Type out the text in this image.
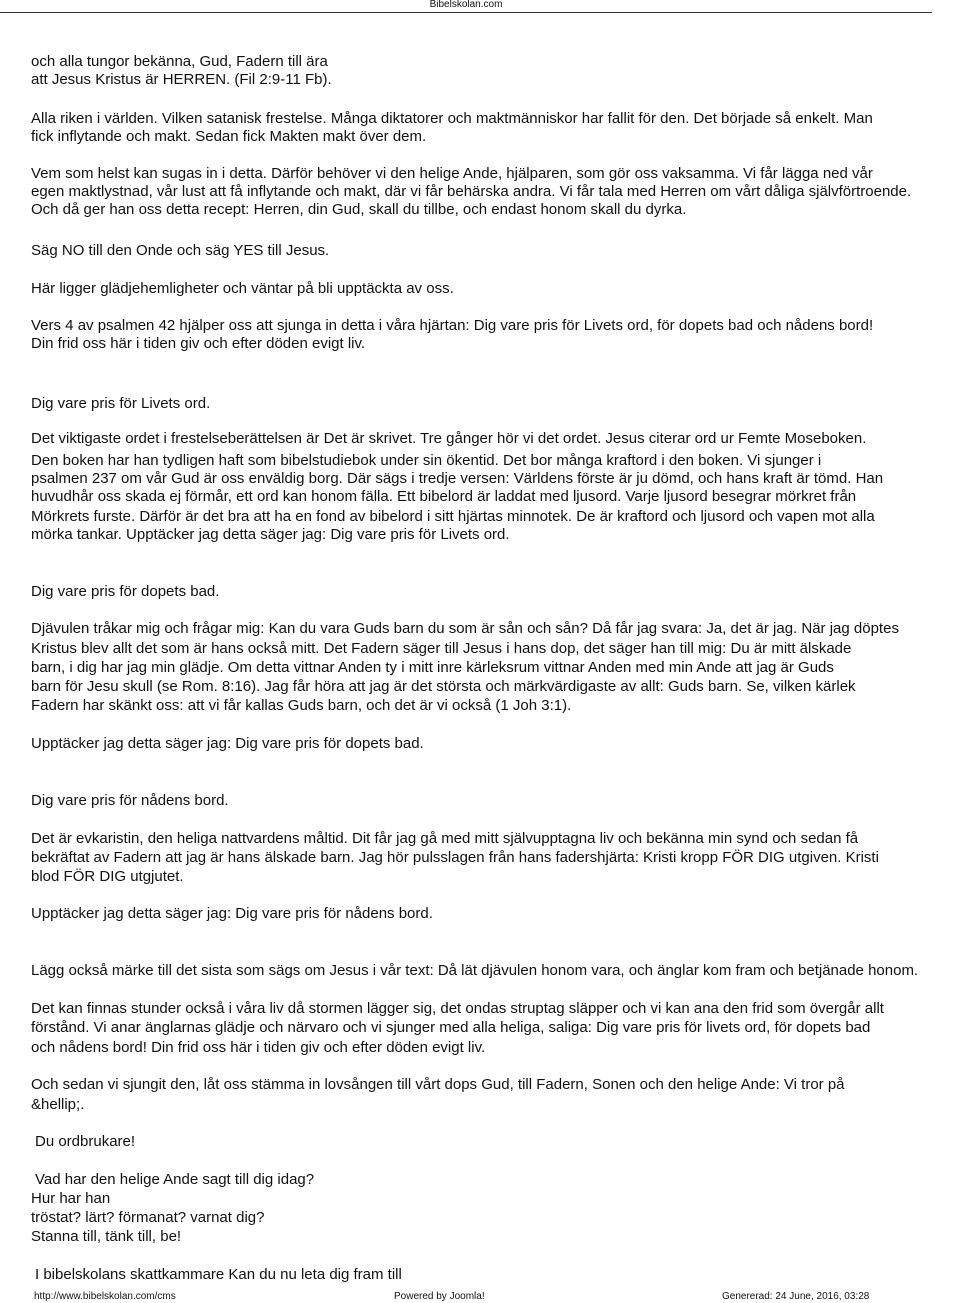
Bibelskolan.com
och alla tungor bekänna, Gud, Fadern till ära
att Jesus Kristus är HERREN. (Fil 2:9-11 Fb).
Alla riken i världen. Vilken satanisk frestelse. Många diktatorer och maktmänniskor har fallit för den. Det började så enkelt. Man
fick inflytande och makt. Sedan fick Makten makt över dem.
Vem som helst kan sugas in i detta. Därför behöver vi den helige Ande, hjälparen, som gör oss vaksamma. Vi får lägga ned vår
egen maktlystnad, vår lust att få inflytande och makt, där vi får behärska andra. Vi får tala med Herren om vårt dåliga självförtroende.
Och då ger han oss detta recept: Herren, din Gud, skall du tillbe, och endast honom skall du dyrka.
Säg NO till den Onde och säg YES till Jesus.
Här ligger glädjehemligheter och väntar på bli upptäckta av oss.
Vers 4 av psalmen 42 hjälper oss att sjunga in detta i våra hjärtan: Dig vare pris för Livets ord, för dopets bad och nådens bord!
Din frid oss här i tiden giv och efter döden evigt liv.
Dig vare pris för Livets ord.
Det viktigaste ordet i frestelseberättelsen är Det är skrivet. Tre gånger hör vi det ordet. Jesus citerar ord ur Femte Moseboken.
Den boken har han tydligen haft som bibelstudiebok under sin ökentid. Det bor många kraftord i den boken. Vi sjunger i
psalmen 237 om vår Gud är oss enväldig borg. Där sägs i tredje versen: Världens förste är ju dömd, och hans kraft är tömd. Han
huvudhår oss skada ej förmår, ett ord kan honom fälla. Ett bibelord är laddat med ljusord. Varje ljusord besegrar mörkret från
Mörkrets furste. Därför är det bra att ha en fond av bibelord i sitt hjärtas minnotek. De är kraftord och ljusord och vapen mot alla
mörka tankar. Upptäcker jag detta säger jag: Dig vare pris för Livets ord.
Dig vare pris för dopets bad.
Djävulen tråkar mig och frågar mig: Kan du vara Guds barn du som är sån och sån? Då får jag svara: Ja, det är jag. När jag döptes
Kristus blev allt det som är hans också mitt. Det Fadern säger till Jesus i hans dop, det säger han till mig: Du är mitt älskade
barn, i dig har jag min glädje. Om detta vittnar Anden ty i mitt inre kärleksrum vittnar Anden med min Ande att jag är Guds
barn för Jesu skull (se Rom. 8:16). Jag får höra att jag är det största och märkvärdigaste av allt: Guds barn. Se, vilken kärlek
Fadern har skänkt oss: att vi får kallas Guds barn, och det är vi också (1 Joh 3:1).
Upptäcker jag detta säger jag: Dig vare pris för dopets bad.
Dig vare pris för nådens bord.
Det är evkaristin, den heliga nattvardens måltid. Dit får jag gå med mitt självupptagna liv och bekänna min synd och sedan få
bekräftat av Fadern att jag är hans älskade barn. Jag hör pulsslagen från hans fadershjärta: Kristi kropp FÖR DIG utgiven. Kristi
blod FÖR DIG utgjutet.
Upptäcker jag detta säger jag: Dig vare pris för nådens bord.
Lägg också märke till det sista som sägs om Jesus i vår text: Då lät djävulen honom vara, och änglar kom fram och betjänade honom.
Det kan finnas stunder också i våra liv då stormen lägger sig, det ondas struptag släpper och vi kan ana den frid som övergår allt
förstånd. Vi anar änglarnas glädje och närvaro och vi sjunger med alla heliga, saliga: Dig vare pris för livets ord, för dopets bad
och nådens bord! Din frid oss här i tiden giv och efter döden evigt liv.
Och sedan vi sjungit den, låt oss stämma in lovsången till vårt dops Gud, till Fadern, Sonen och den helige Ande: Vi tror på
&hellip;.
Du ordbrukare!
Vad har den helige Ande sagt till dig idag?
Hur har han
tröstat? lärt? förmanat? varnat dig?
Stanna till, tänk till, be!
I bibelskolans skattkammare Kan du nu leta dig fram till
http://www.bibelskolan.com/cms	Powered by Joomla!	Genererad: 24 June, 2016, 03:28
